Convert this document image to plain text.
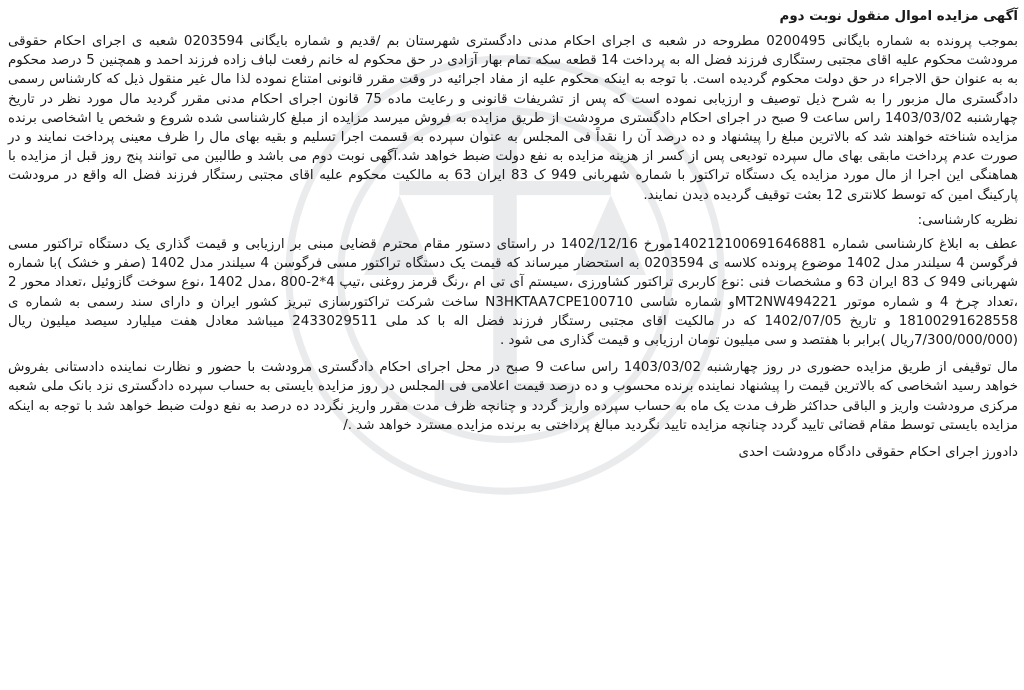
آگهی مزایده اموال منقول نوبت دوم

بموجب پرونده به شماره بایگانی 0200495 مطروحه در شعبه ی اجرای احکام مدنی دادگستری شهرستان بم /قدیم و شماره بایگانی 0203594 شعبه ی اجرای احکام حقوقی مرودشت محکوم علیه اقای مجتبی رستگاری فرزند فضل اله به پرداخت 14 قطعه سکه تمام بهار آزادی در حق محکوم له خانم رفعت لباف زاده فرزند احمد و همچنین 5 درصد محکوم به به عنوان حق الاجراء در حق دولت محکوم گردیده است. با توجه به اینکه محکوم علیه از مفاد اجرائیه در وقت مقرر قانونی امتناع نموده لذا مال غیر منقول ذیل که کارشناس رسمی دادگستری مال مزبور را به شرح ذیل توصیف و ارزیابی نموده است که پس از تشریفات قانونی و رعایت ماده 75 قانون اجرای احکام مدنی مقرر گردید مال مورد نظر در تاریخ چهارشنبه 1403/03/02 راس ساعت 9 صبح در اجرای احکام دادگستری مرودشت از طریق مزایده به فروش میرسد مزایده از مبلغ کارشناسی شده شروع و شخص یا اشخاصی برنده مزایده شناخته خواهند شد که بالاترین مبلغ را پیشنهاد و ده درصد آن را نقداً فی المجلس به عنوان سپرده به قسمت اجرا تسلیم و بقیه بهای مال را ظرف معینی پرداخت نمایند و در صورت عدم پرداخت مابقی بهای مال سپرده تودیعی پس از کسر از هزینه مزایده به نفع دولت ضبط خواهد شد.آگهی نوبت دوم می باشد و طالبین می توانند پنج روز قبل از مزایده با هماهنگی این اجرا از مال مورد مزایده یک دستگاه تراکتور با شماره شهربانی 949 ک 83 ایران 63 به مالکیت محکوم علیه اقای مجتبی رستگار فرزند فضل اله واقع در مرودشت پارکینگ امین که توسط کلانتری 12 بعثت توقیف گردیده دیدن نمایند.

نظریه کارشناسی:

عطف به ابلاغ کارشناسی شماره 140212100691646881مورخ 1402/12/16 در راستای دستور مقام محترم قضایی مبنی بر ارزیابی و قیمت گذاری یک دستگاه تراکتور مسی فرگوسن 4 سیلندر مدل 1402 موضوع پرونده کلاسه ی 0203594 به استحضار میرساند که قیمت یک دستگاه تراکتور مسی فرگوسن 4 سیلندر مدل 1402 (صفر و خشک )با شماره شهربانی 949 ک 83 ایران 63 و مشخصات فنی :نوع کاربری تراکتور کشاورزی ،سیستم آی تی ام ،رنگ قرمز روغنی ،تیپ 4*2-800 ،مدل 1402 ،نوع سوخت گازوئیل ،تعداد محور 2 ،تعداد چرخ 4 و شماره موتور MT2NW494221و شماره شاسی N3HKTAA7CPE100710 ساخت شرکت تراکتورسازی تبریز کشور ایران و دارای سند رسمی به شماره ی 18100291628558 و تاریخ 1402/07/05 که در مالکیت اقای مجتبی رستگار فرزند فضل اله با کد ملی 2433029511 میباشد معادل هفت میلیارد سیصد میلیون ریال (7/300/000/000ریال )برابر با هفتصد و سی میلیون تومان ارزیابی و قیمت گذاری می شود .

مال توقیفی از طریق مزایده حضوری در روز چهارشنبه 1403/03/02 راس ساعت 9 صبح در محل اجرای احکام دادگستری مرودشت با حضور و نظارت نماینده دادستانی بفروش خواهد رسید اشخاصی که بالاترین قیمت را پیشنهاد نماینده برنده محسوب و ده درصد قیمت اعلامی فی المجلس در روز مزایده بایستی به حساب سپرده دادگستری نزد بانک ملی شعبه مرکزی مرودشت واریز و الباقی حداکثر ظرف مدت یک ماه به حساب سپرده واریز گردد و چنانچه ظرف مدت مقرر واریز نگردد ده درصد به نفع دولت ضبط خواهد شد با توجه به اینکه مزایده بایستی توسط مقام قضائی تایید گردد چنانچه مزایده تایید نگردید مبالغ پرداختی به برنده مزایده مسترد خواهد شد ./

دادورز اجرای احکام حقوقی دادگاه مرودشت احدی
